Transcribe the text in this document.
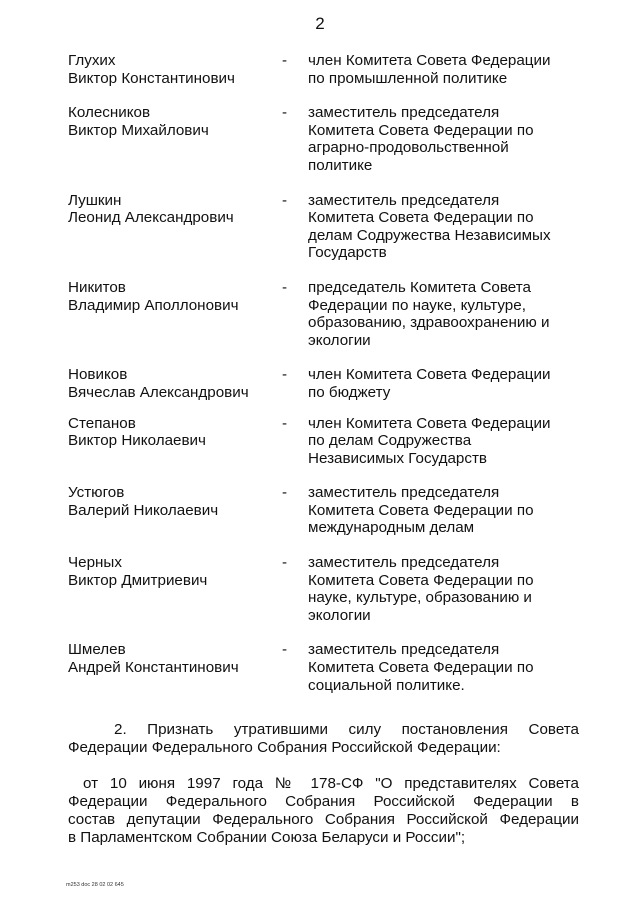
2
Глухих
Виктор Константинович
-	член Комитета Совета Федерации
по промышленной политике
Колесников
Виктор Михайлович
-	заместитель председателя
Комитета Совета Федерации по
аграрно-продовольственной
политике
Лушкин
Леонид Александрович
-	заместитель председателя
Комитета Совета Федерации по
делам Содружества Независимых
Государств
Никитов
Владимир Аполлонович
-	председатель Комитета Совета
Федерации по науке, культуре,
образованию, здравоохранению и
экологии
Новиков
Вячеслав Александрович
-	член Комитета Совета Федерации
по бюджету
Степанов
Виктор Николаевич
-	член Комитета Совета Федерации
по делам Содружества
Независимых Государств
Устюгов
Валерий Николаевич
-	заместитель председателя
Комитета Совета Федерации по
международным делам
Черных
Виктор Дмитриевич
-	заместитель председателя
Комитета Совета Федерации по
науке, культуре, образованию и
экологии
Шмелев
Андрей Константинович
-	заместитель председателя
Комитета Совета Федерации по
социальной политике.
2. Признать утратившими силу постановления Совета
Федерации Федерального Собрания Российской Федерации:
от 10 июня 1997 года № 178-СФ "О представителях Совета
Федерации Федерального Собрания Российской Федерации в
состав депутации Федерального Собрания Российской Федерации
в Парламентском Собрании Союза Беларуси и России";
m253 doc 28 02 02 645
